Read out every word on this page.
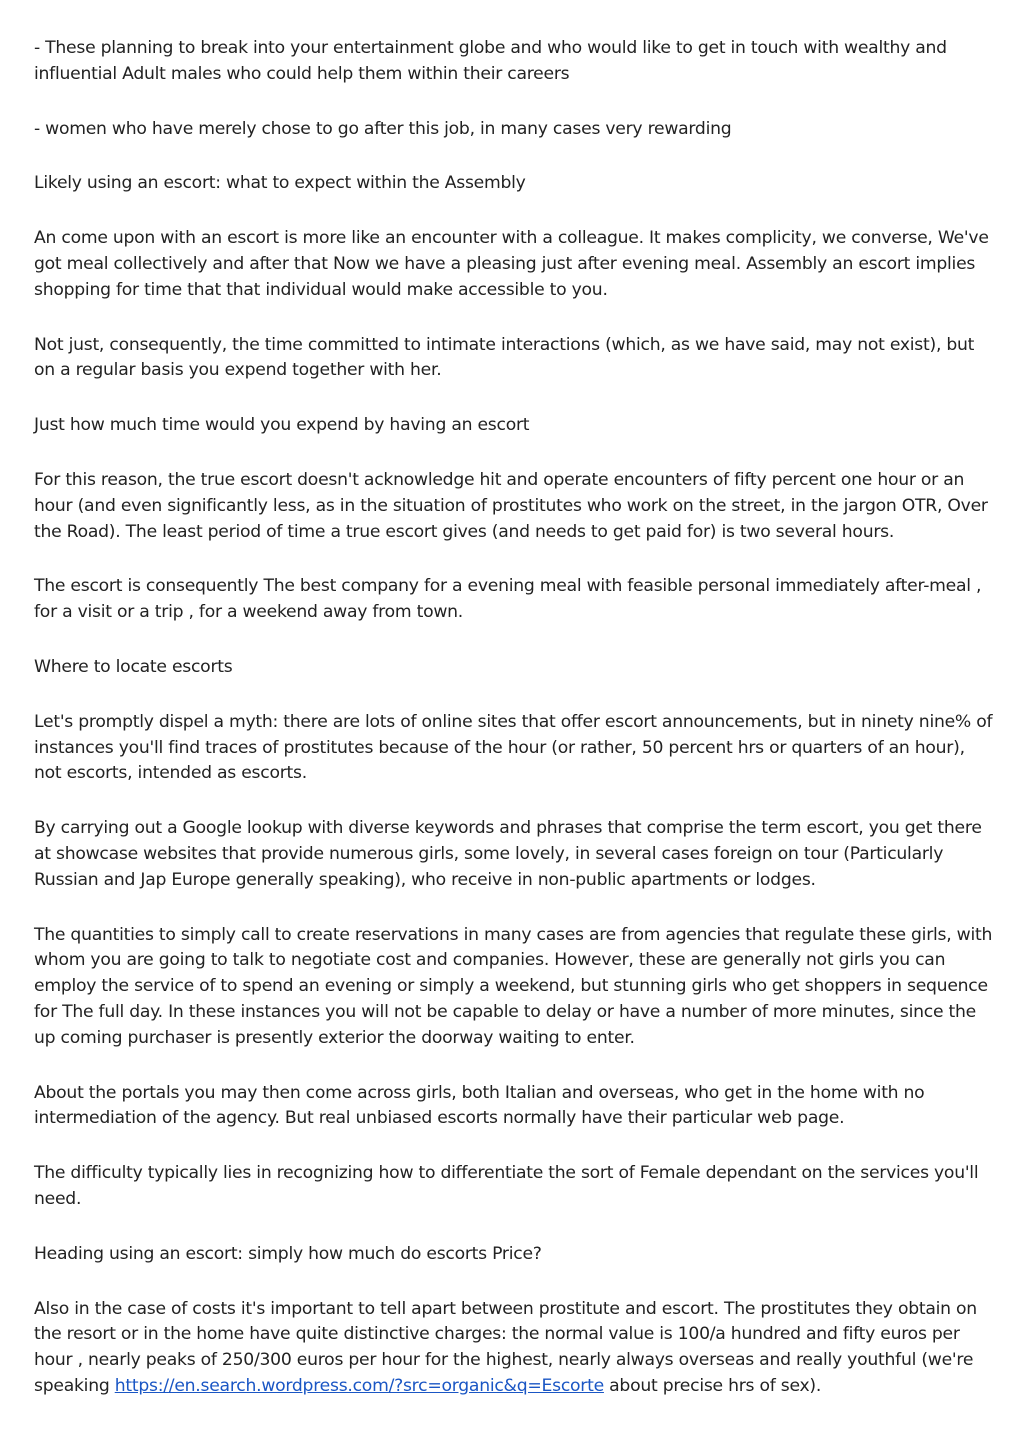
- These planning to break into your entertainment globe and who would like to get in touch with wealthy and influential Adult males who could help them within their careers

- women who have merely chose to go after this job, in many cases very rewarding

Likely using an escort: what to expect within the Assembly

An come upon with an escort is more like an encounter with a colleague. It makes complicity, we converse, We've got meal collectively and after that Now we have a pleasing just after evening meal. Assembly an escort implies shopping for time that that individual would make accessible to you.

Not just, consequently, the time committed to intimate interactions (which, as we have said, may not exist), but on a regular basis you expend together with her.

Just how much time would you expend by having an escort

For this reason, the true escort doesn't acknowledge hit and operate encounters of fifty percent one hour or an hour (and even significantly less, as in the situation of prostitutes who work on the street, in the jargon OTR, Over the Road). The least period of time a true escort gives (and needs to get paid for) is two several hours.

The escort is consequently The best company for a evening meal with feasible personal immediately after-meal , for a visit or a trip , for a weekend away from town.

Where to locate escorts

Let's promptly dispel a myth: there are lots of online sites that offer escort announcements, but in ninety nine% of instances you'll find traces of prostitutes because of the hour (or rather, 50 percent hrs or quarters of an hour), not escorts, intended as escorts.

By carrying out a Google lookup with diverse keywords and phrases that comprise the term escort, you get there at showcase websites that provide numerous girls, some lovely, in several cases foreign on tour (Particularly Russian and Jap Europe generally speaking), who receive in non-public apartments or lodges.

The quantities to simply call to create reservations in many cases are from agencies that regulate these girls, with whom you are going to talk to negotiate cost and companies. However, these are generally not girls you can employ the service of to spend an evening or simply a weekend, but stunning girls who get shoppers in sequence for The full day. In these instances you will not be capable to delay or have a number of more minutes, since the up coming purchaser is presently exterior the doorway waiting to enter.

About the portals you may then come across girls, both Italian and overseas, who get in the home with no intermediation of the agency. But real unbiased escorts normally have their particular web page.

The difficulty typically lies in recognizing how to differentiate the sort of Female dependant on the services you'll need.

Heading using an escort: simply how much do escorts Price?

Also in the case of costs it's important to tell apart between prostitute and escort. The prostitutes they obtain on the resort or in the home have quite distinctive charges: the normal value is 100/a hundred and fifty euros per hour , nearly peaks of 250/300 euros per hour for the highest, nearly always overseas and really youthful (we're speaking https://en.search.wordpress.com/?src=organic&q=Escorte about precise hrs of sex).
